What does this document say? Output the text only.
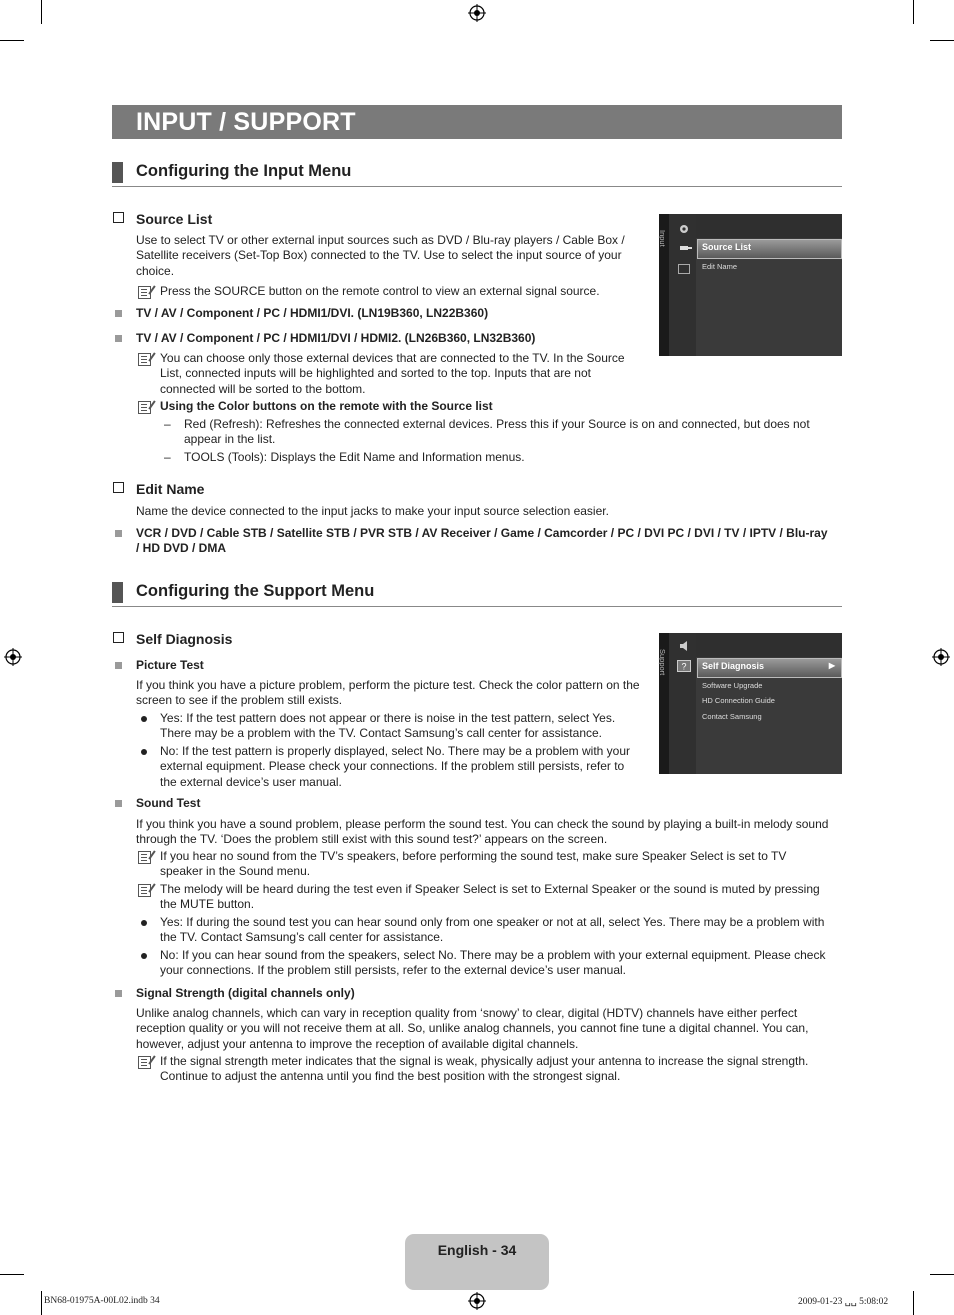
INPUT / SUPPORT
Configuring the Input Menu
Source List
Use to select TV or other external input sources such as DVD / Blu-ray players / Cable Box /
Satellite receivers (Set-Top Box) connected to the TV. Use to select the input source of your
choice.
Press the SOURCE button on the remote control to view an external signal source.
TV / AV / Component / PC / HDMI1/DVI. (LN19B360, LN22B360)
TV / AV / Component / PC / HDMI1/DVI / HDMI2. (LN26B360, LN32B360)
You can choose only those external devices that are connected to the TV. In the Source
List, connected inputs will be highlighted and sorted to the top. Inputs that are not
connected will be sorted to the bottom.
Using the Color buttons on the remote with the Source list
– Red (Refresh): Refreshes the connected external devices. Press this if your Source is on and connected, but does not
appear in the list.
– TOOLS (Tools): Displays the Edit Name and Information menus.
Edit Name
Name the device connected to the input jacks to make your input source selection easier.
VCR / DVD / Cable STB / Satellite STB / PVR STB / AV Receiver / Game / Camcorder / PC / DVI PC / DVI / TV / IPTV / Blu-ray
/ HD DVD / DMA
Input
Source List
Edit Name
Configuring the Support Menu
Self Diagnosis
Picture Test
If you think you have a picture problem, perform the picture test. Check the color pattern on the
screen to see if the problem still exists.
Yes: If the test pattern does not appear or there is noise in the test pattern, select Yes.
There may be a problem with the TV. Contact Samsung’s call center for assistance.
No: If the test pattern is properly displayed, select No. There may be a problem with your
external equipment. Please check your connections. If the problem still persists, refer to
the external device’s user manual.
Sound Test
If you think you have a sound problem, please perform the sound test. You can check the sound by playing a built-in melody sound
through the TV. ‘Does the problem still exist with this sound test?’ appears on the screen.
If you hear no sound from the TV’s speakers, before performing the sound test, make sure Speaker Select is set to TV
speaker in the Sound menu.
The melody will be heard during the test even if Speaker Select is set to External Speaker or the sound is muted by pressing
the MUTE button.
Yes: If during the sound test you can hear sound only from one speaker or not at all, select Yes. There may be a problem with
the TV. Contact Samsung’s call center for assistance.
No: If you can hear sound from the speakers, select No. There may be a problem with your external equipment. Please check
your connections. If the problem still persists, refer to the external device’s user manual.
Signal Strength (digital channels only)
Unlike analog channels, which can vary in reception quality from ‘snowy’ to clear, digital (HDTV) channels have either perfect
reception quality or you will not receive them at all. So, unlike analog channels, you cannot fine tune a digital channel. You can,
however, adjust your antenna to improve the reception of available digital channels.
If the signal strength meter indicates that the signal is weak, physically adjust your antenna to increase the signal strength.
Continue to adjust the antenna until you find the best position with the strongest signal.
Support ? Self Diagnosis	▶
Software Upgrade
HD Connection Guide
Contact Samsung
English - 34
BN68-01975A-00L02.indb 34	2009-01-23 ␣␣ 5:08:02
